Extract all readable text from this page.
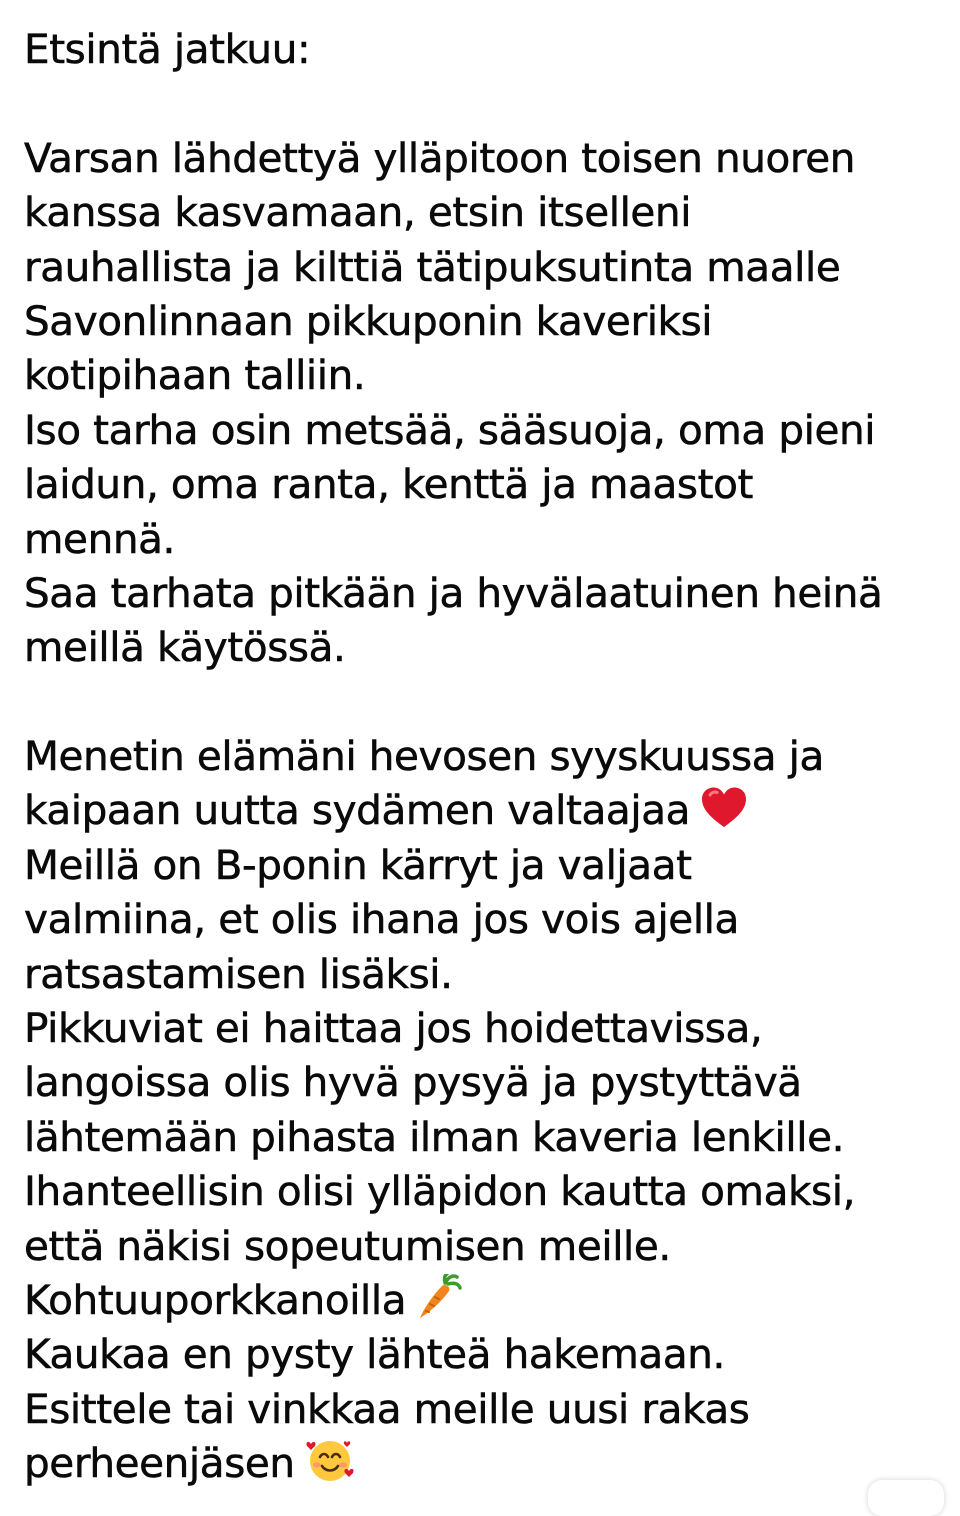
Etsintä jatkuu:
Varsan lähdettyä ylläpitoon toisen nuoren
kanssa kasvamaan, etsin itselleni
rauhallista ja kilttiä tätipuksutinta maalle
Savonlinnaan pikkuponin kaveriksi
kotipihaan talliin.
Iso tarha osin metsää, sääsuoja, oma pieni
laidun, oma ranta, kenttä ja maastot
mennä.
Saa tarhata pitkään ja hyvälaatuinen heinä
meillä käytössä.
Menetin elämäni hevosen syyskuussa ja
kaipaan uutta sydämen valtaajaa
Meillä on B-ponin kärryt ja valjaat
valmiina, et olis ihana jos vois ajella
ratsastamisen lisäksi.
Pikkuviat ei haittaa jos hoidettavissa,
langoissa olis hyvä pysyä ja pystyttävä
lähtemään pihasta ilman kaveria lenkille.
Ihanteellisin olisi ylläpidon kautta omaksi,
että näkisi sopeutumisen meille.
Kohtuuporkkanoilla
Kaukaa en pysty lähteä hakemaan.
Esittele tai vinkkaa meille uusi rakas
perheenjäsen
